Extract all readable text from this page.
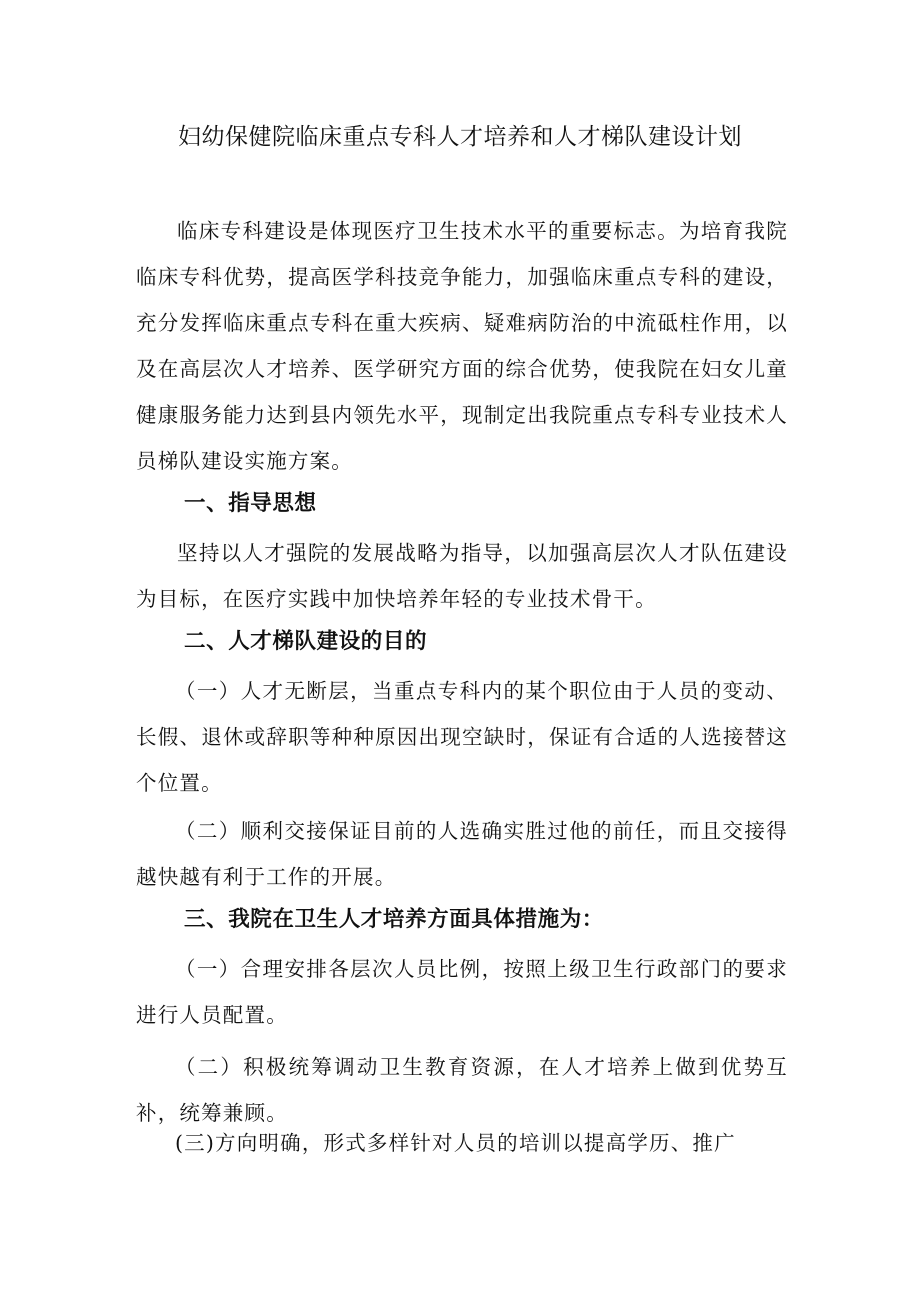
妇幼保健院临床重点专科人才培养和人才梯队建设计划

临床专科建设是体现医疗卫生技术水平的重要标志。为培育我院临床专科优势，提高医学科技竞争能力，加强临床重点专科的建设，充分发挥临床重点专科在重大疾病、疑难病防治的中流砥柱作用，以及在高层次人才培养、医学研究方面的综合优势，使我院在妇女儿童健康服务能力达到县内领先水平，现制定出我院重点专科专业技术人员梯队建设实施方案。

一、指导思想

坚持以人才强院的发展战略为指导，以加强高层次人才队伍建设为目标，在医疗实践中加快培养年轻的专业技术骨干。

二、人才梯队建设的目的

（一）人才无断层，当重点专科内的某个职位由于人员的变动、长假、退休或辞职等种种原因出现空缺时，保证有合适的人选接替这个位置。

（二）顺利交接保证目前的人选确实胜过他的前任，而且交接得越快越有利于工作的开展。

三、我院在卫生人才培养方面具体措施为：

（一）合理安排各层次人员比例，按照上级卫生行政部门的要求进行人员配置。

（二）积极统筹调动卫生教育资源，在人才培养上做到优势互补，统筹兼顾。

(三)方向明确，形式多样针对人员的培训以提高学历、推广
